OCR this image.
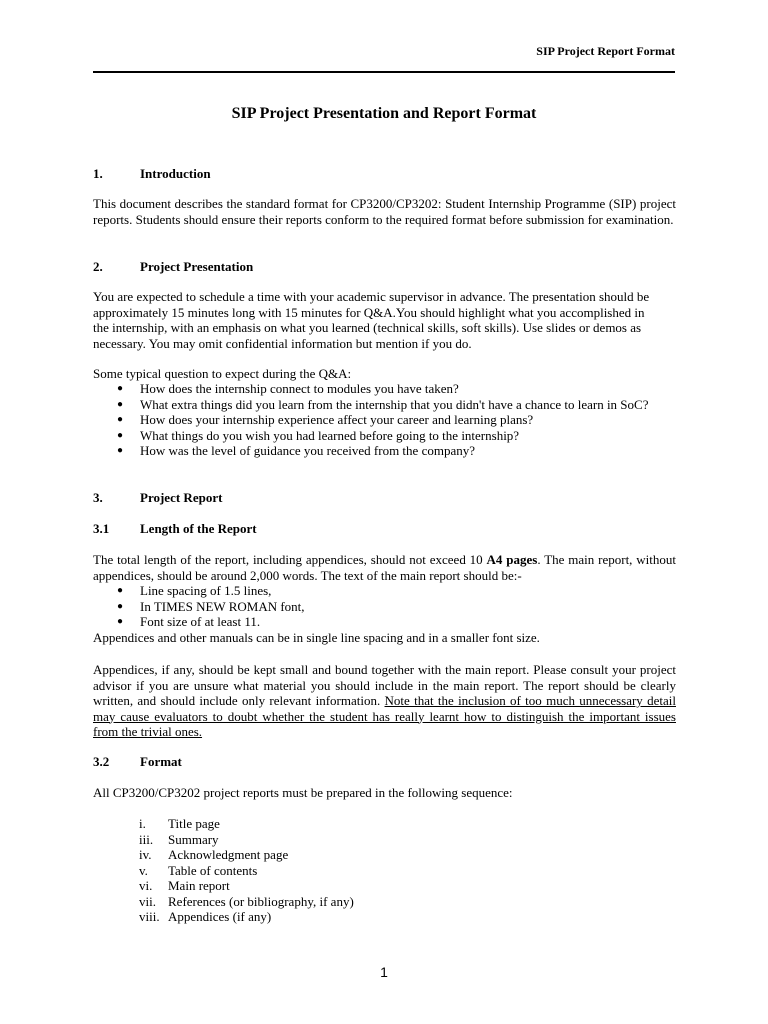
SIP Project Report Format
SIP Project Presentation and Report Format
1.	Introduction
This document describes the standard format for CP3200/CP3202: Student Internship Programme (SIP) project reports. Students should ensure their reports conform to the required format before submission for examination.
2.	Project Presentation
You are expected to schedule a time with your academic supervisor in advance. The presentation should be approximately 15 minutes long with 15 minutes for Q&A.You should highlight what you accomplished in the internship, with an emphasis on what you learned (technical skills, soft skills). Use slides or demos as necessary. You may omit confidential information but mention if you do.
Some typical question to expect during the Q&A:
● How does the internship connect to modules you have taken?
● What extra things did you learn from the internship that you didn't have a chance to learn in SoC?
● How does your internship experience affect your career and learning plans?
● What things do you wish you had learned before going to the internship?
● How was the level of guidance you received from the company?
3.	Project Report
3.1 Length of the Report
The total length of the report, including appendices, should not exceed 10 A4 pages. The main report, without appendices, should be around 2,000 words. The text of the main report should be:-
● Line spacing of 1.5 lines,
● In TIMES NEW ROMAN font,
● Font size of at least 11.
Appendices and other manuals can be in single line spacing and in a smaller font size.
Appendices, if any, should be kept small and bound together with the main report. Please consult your project advisor if you are unsure what material you should include in the main report. The report should be clearly written, and should include only relevant information. Note that the inclusion of too much unnecessary detail may cause evaluators to doubt whether the student has really learnt how to distinguish the important issues from the trivial ones.
3.2 Format
All CP3200/CP3202 project reports must be prepared in the following sequence:
i. Title page
iii. Summary
iv. Acknowledgment page
v. Table of contents
vi. Main report
vii. References (or bibliography, if any)
viii. Appendices (if any)
1
